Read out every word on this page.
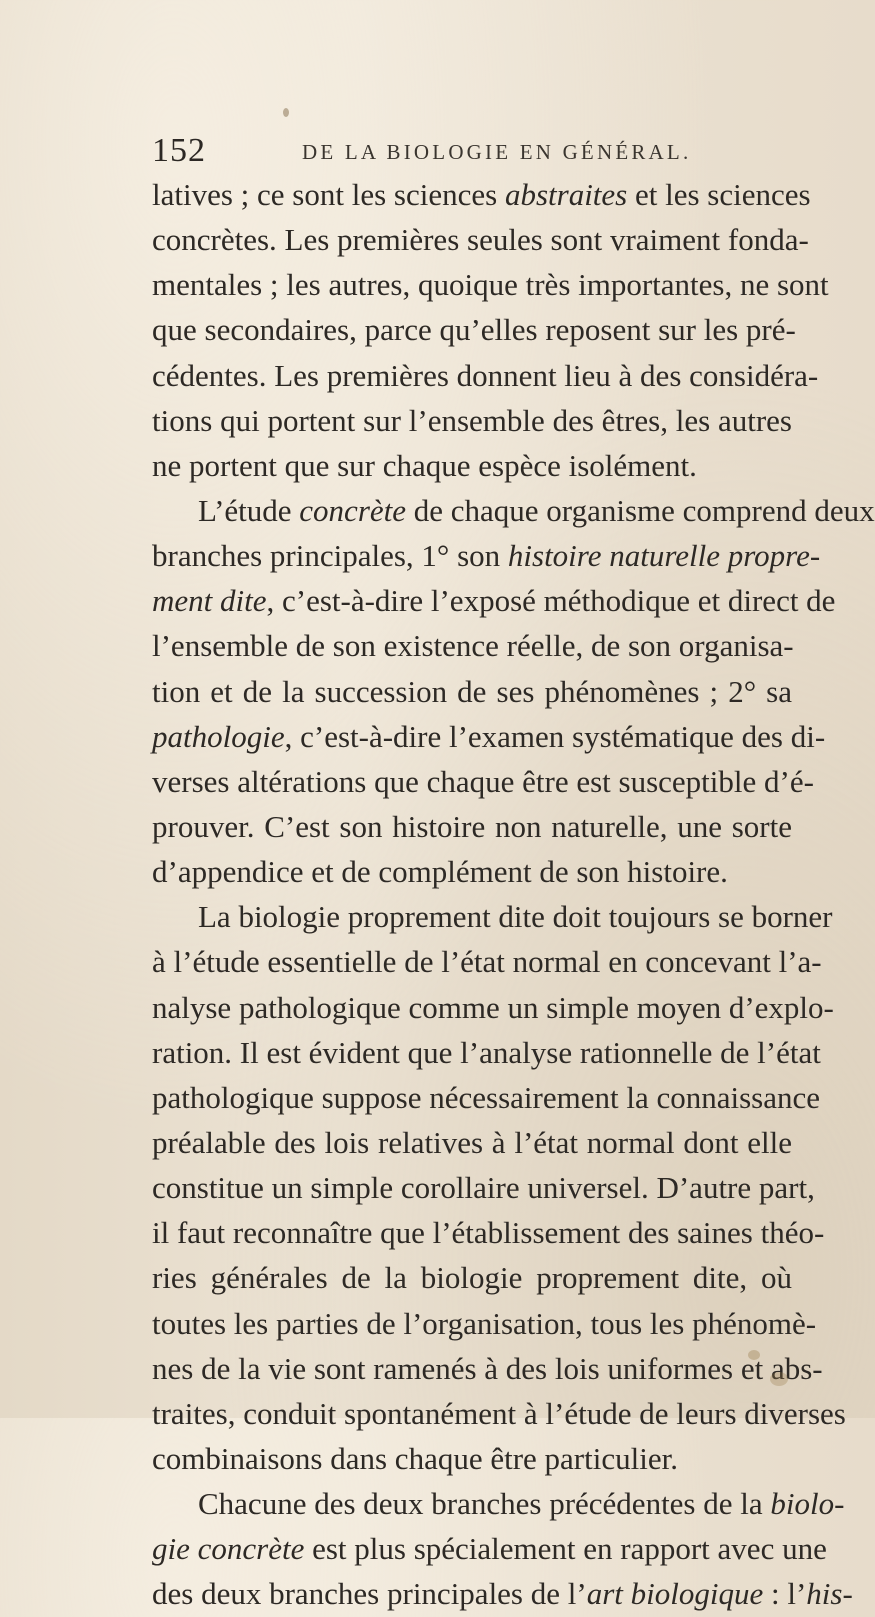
152	DE LA BIOLOGIE EN GÉNÉRAL.
latives ; ce sont les sciences abstraites et les sciences
concrètes. Les premières seules sont vraiment fonda-
mentales ; les autres, quoique très importantes, ne sont
que secondaires, parce qu’elles reposent sur les pré-
cédentes. Les premières donnent lieu à des considéra-
tions qui portent sur l’ensemble des êtres, les autres
ne portent que sur chaque espèce isolément.
L’étude concrète de chaque organisme comprend deux
branches principales, 1° son histoire naturelle propre-
ment dite, c’est-à-dire l’exposé méthodique et direct de
l’ensemble de son existence réelle, de son organisa-
tion et de la succession de ses phénomènes ; 2° sa
pathologie, c’est-à-dire l’examen systématique des di-
verses altérations que chaque être est susceptible d’é-
prouver. C’est son histoire non naturelle, une sorte
d’appendice et de complément de son histoire.
La biologie proprement dite doit toujours se borner
à l’étude essentielle de l’état normal en concevant l’a-
nalyse pathologique comme un simple moyen d’explo-
ration. Il est évident que l’analyse rationnelle de l’état
pathologique suppose nécessairement la connaissance
préalable des lois relatives à l’état normal dont elle
constitue un simple corollaire universel. D’autre part,
il faut reconnaître que l’établissement des saines théo-
ries générales de la biologie proprement dite, où
toutes les parties de l’organisation, tous les phénomè-
nes de la vie sont ramenés à des lois uniformes et abs-
traites, conduit spontanément à l’étude de leurs diverses
combinaisons dans chaque être particulier.
Chacune des deux branches précédentes de la biolo-
gie concrète est plus spécialement en rapport avec une
des deux branches principales de l’art biologique : l’his-
